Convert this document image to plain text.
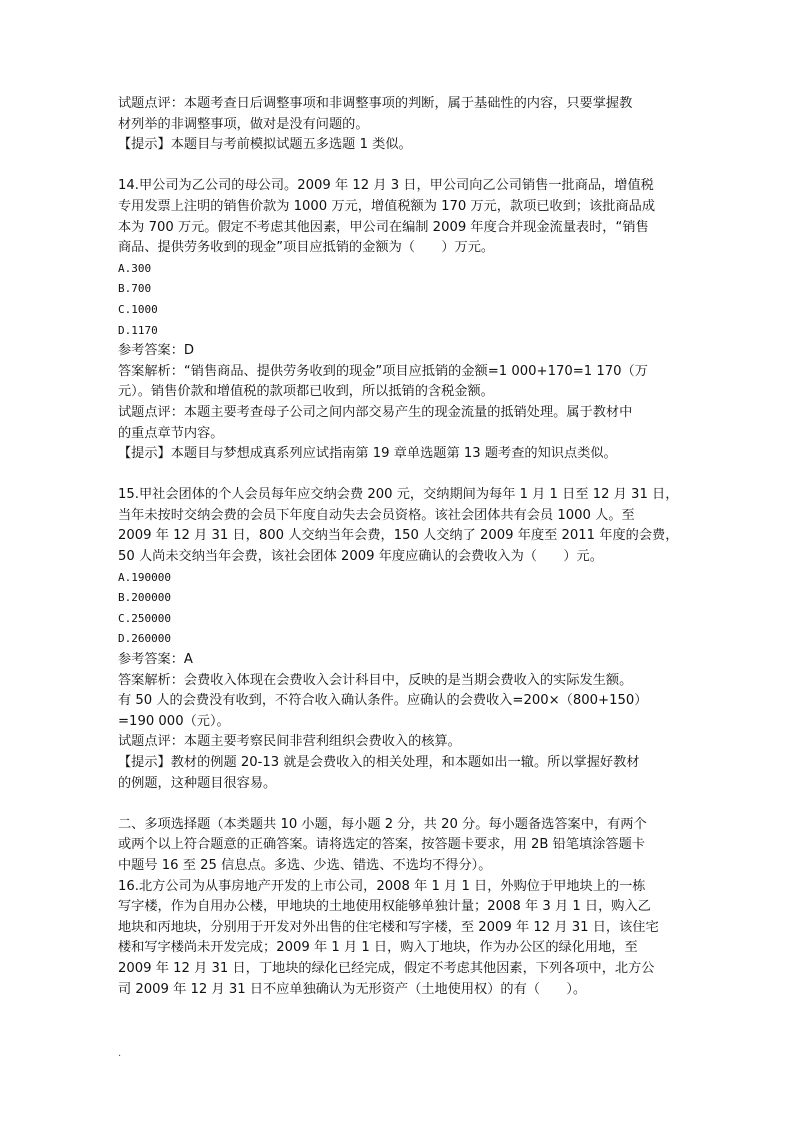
试题点评：本题考查日后调整事项和非调整事项的判断，属于基础性的内容，只要掌握教
材列举的非调整事项，做对是没有问题的。
【提示】本题目与考前模拟试题五多选题 1 类似。
14.甲公司为乙公司的母公司。2009 年 12 月 3 日，甲公司向乙公司销售一批商品，增值税
专用发票上注明的销售价款为 1000 万元，增值税额为 170 万元，款项已收到；该批商品成
本为 700 万元。假定不考虑其他因素，甲公司在编制 2009 年度合并现金流量表时，“销售
商品、提供劳务收到的现金”项目应抵销的金额为（　　）万元。
A.300
B.700
C.1000
D.1170
参考答案：D
答案解析：“销售商品、提供劳务收到的现金”项目应抵销的金额=1 000+170=1 170（万
元）。销售价款和增值税的款项都已收到，所以抵销的含税金额。
试题点评：本题主要考查母子公司之间内部交易产生的现金流量的抵销处理。属于教材中
的重点章节内容。
【提示】本题目与梦想成真系列应试指南第 19 章单选题第 13 题考查的知识点类似。
15.甲社会团体的个人会员每年应交纳会费 200 元，交纳期间为每年 1 月 1 日至 12 月 31 日，
当年未按时交纳会费的会员下年度自动失去会员资格。该社会团体共有会员 1000 人。至
2009 年 12 月 31 日，800 人交纳当年会费，150 人交纳了 2009 年度至 2011 年度的会费，
50 人尚未交纳当年会费，该社会团体 2009 年度应确认的会费收入为（　　）元。
A.190000
B.200000
C.250000
D.260000
参考答案：A
答案解析：会费收入体现在会费收入会计科目中，反映的是当期会费收入的实际发生额。
有 50 人的会费没有收到，不符合收入确认条件。应确认的会费收入=200×（800+150）
=190 000（元）。
试题点评：本题主要考察民间非营利组织会费收入的核算。
【提示】教材的例题 20-13 就是会费收入的相关处理，和本题如出一辙。所以掌握好教材
的例题，这种题目很容易。
二、多项选择题（本类题共 10 小题，每小题 2 分，共 20 分。每小题备选答案中，有两个
或两个以上符合题意的正确答案。请将选定的答案，按答题卡要求，用 2B 铅笔填涂答题卡
中题号 16 至 25 信息点。多选、少选、错选、不选均不得分）。
16.北方公司为从事房地产开发的上市公司，2008 年 1 月 1 日，外购位于甲地块上的一栋
写字楼，作为自用办公楼，甲地块的土地使用权能够单独计量；2008 年 3 月 1 日，购入乙
地块和丙地块，分别用于开发对外出售的住宅楼和写字楼，至 2009 年 12 月 31 日，该住宅
楼和写字楼尚未开发完成；2009 年 1 月 1 日，购入丁地块，作为办公区的绿化用地，至
2009 年 12 月 31 日，丁地块的绿化已经完成，假定不考虑其他因素，下列各项中，北方公
司 2009 年 12 月 31 日不应单独确认为无形资产（土地使用权）的有（　　）。
.
